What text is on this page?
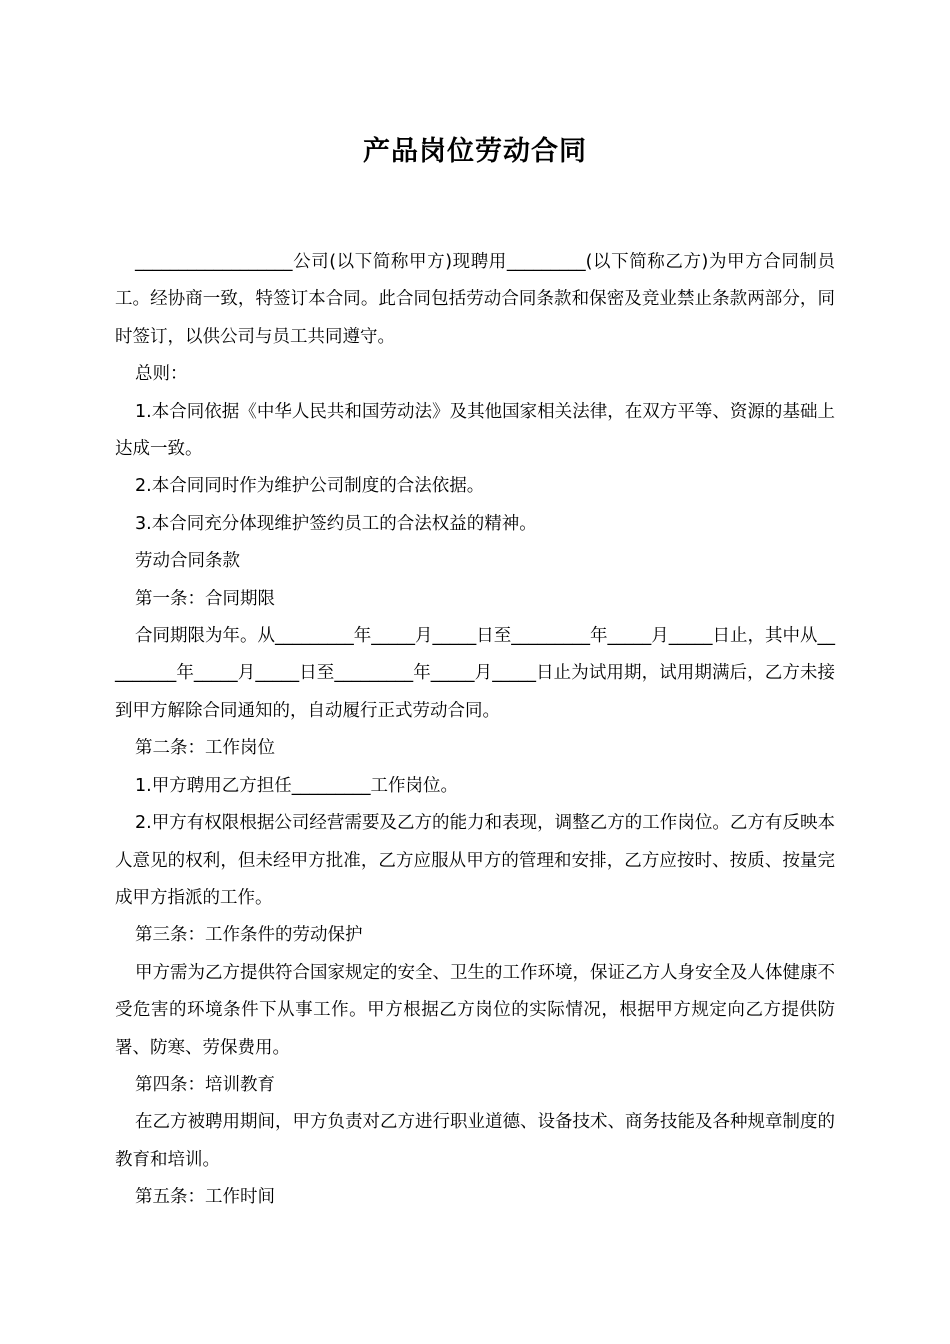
产品岗位劳动合同

__________________公司(以下简称甲方)现聘用_________(以下简称乙方)为甲方合同制员工。经协商一致，特签订本合同。此合同包括劳动合同条款和保密及竞业禁止条款两部分，同时签订，以供公司与员工共同遵守。

总则：

1.本合同依据《中华人民共和国劳动法》及其他国家相关法律，在双方平等、资源的基础上达成一致。

2.本合同同时作为维护公司制度的合法依据。

3.本合同充分体现维护签约员工的合法权益的精神。

劳动合同条款

第一条：合同期限

合同期限为年。从_________年_____月_____日至_________年_____月_____日止，其中从_________年_____月_____日至_________年_____月_____日止为试用期，试用期满后，乙方未接到甲方解除合同通知的，自动履行正式劳动合同。

第二条：工作岗位

1.甲方聘用乙方担任_________工作岗位。

2.甲方有权限根据公司经营需要及乙方的能力和表现，调整乙方的工作岗位。乙方有反映本人意见的权利，但未经甲方批准，乙方应服从甲方的管理和安排，乙方应按时、按质、按量完成甲方指派的工作。

第三条：工作条件的劳动保护

甲方需为乙方提供符合国家规定的安全、卫生的工作环境，保证乙方人身安全及人体健康不受危害的环境条件下从事工作。甲方根据乙方岗位的实际情况，根据甲方规定向乙方提供防署、防寒、劳保费用。

第四条：培训教育

在乙方被聘用期间，甲方负责对乙方进行职业道德、设备技术、商务技能及各种规章制度的教育和培训。

第五条：工作时间
